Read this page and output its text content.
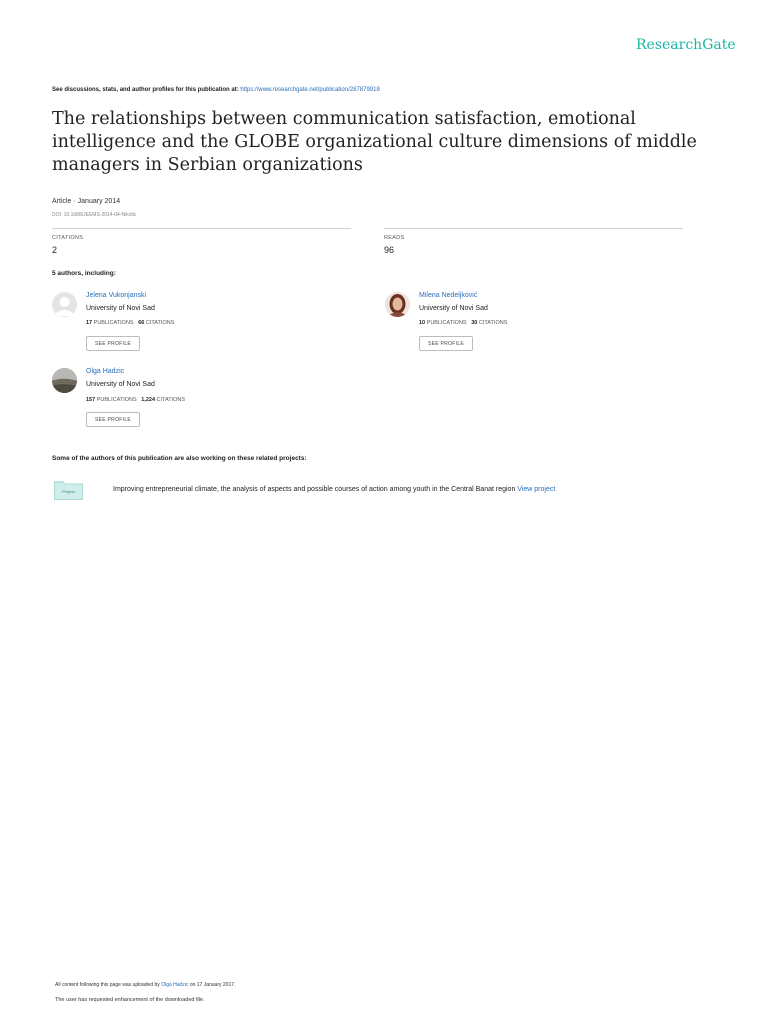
ResearchGate
See discussions, stats, and author profiles for this publication at: https://www.researchgate.net/publication/287879918
The relationships between communication satisfaction, emotional intelligence and the GLOBE organizational culture dimensions of middle managers in Serbian organizations
Article · January 2014
DOI: 10.1688/JEEMS-2014-04-Nikolic
CITATIONS
2
READS
96
5 authors, including:
Jelena Vukonjanski
University of Novi Sad
17 PUBLICATIONS 66 CITATIONS
SEE PROFILE
Milena Nedeljković
University of Novi Sad
10 PUBLICATIONS 30 CITATIONS
SEE PROFILE
Olga Hadzic
University of Novi Sad
157 PUBLICATIONS 1,224 CITATIONS
SEE PROFILE
Some of the authors of this publication are also working on these related projects:
Project	Improving entrepreneurial climate, the analysis of aspects and possible courses of action among youth in the Central Banat region View project
All content following this page was uploaded by Olga Hadzic on 17 January 2017.
The user has requested enhancement of the downloaded file.
